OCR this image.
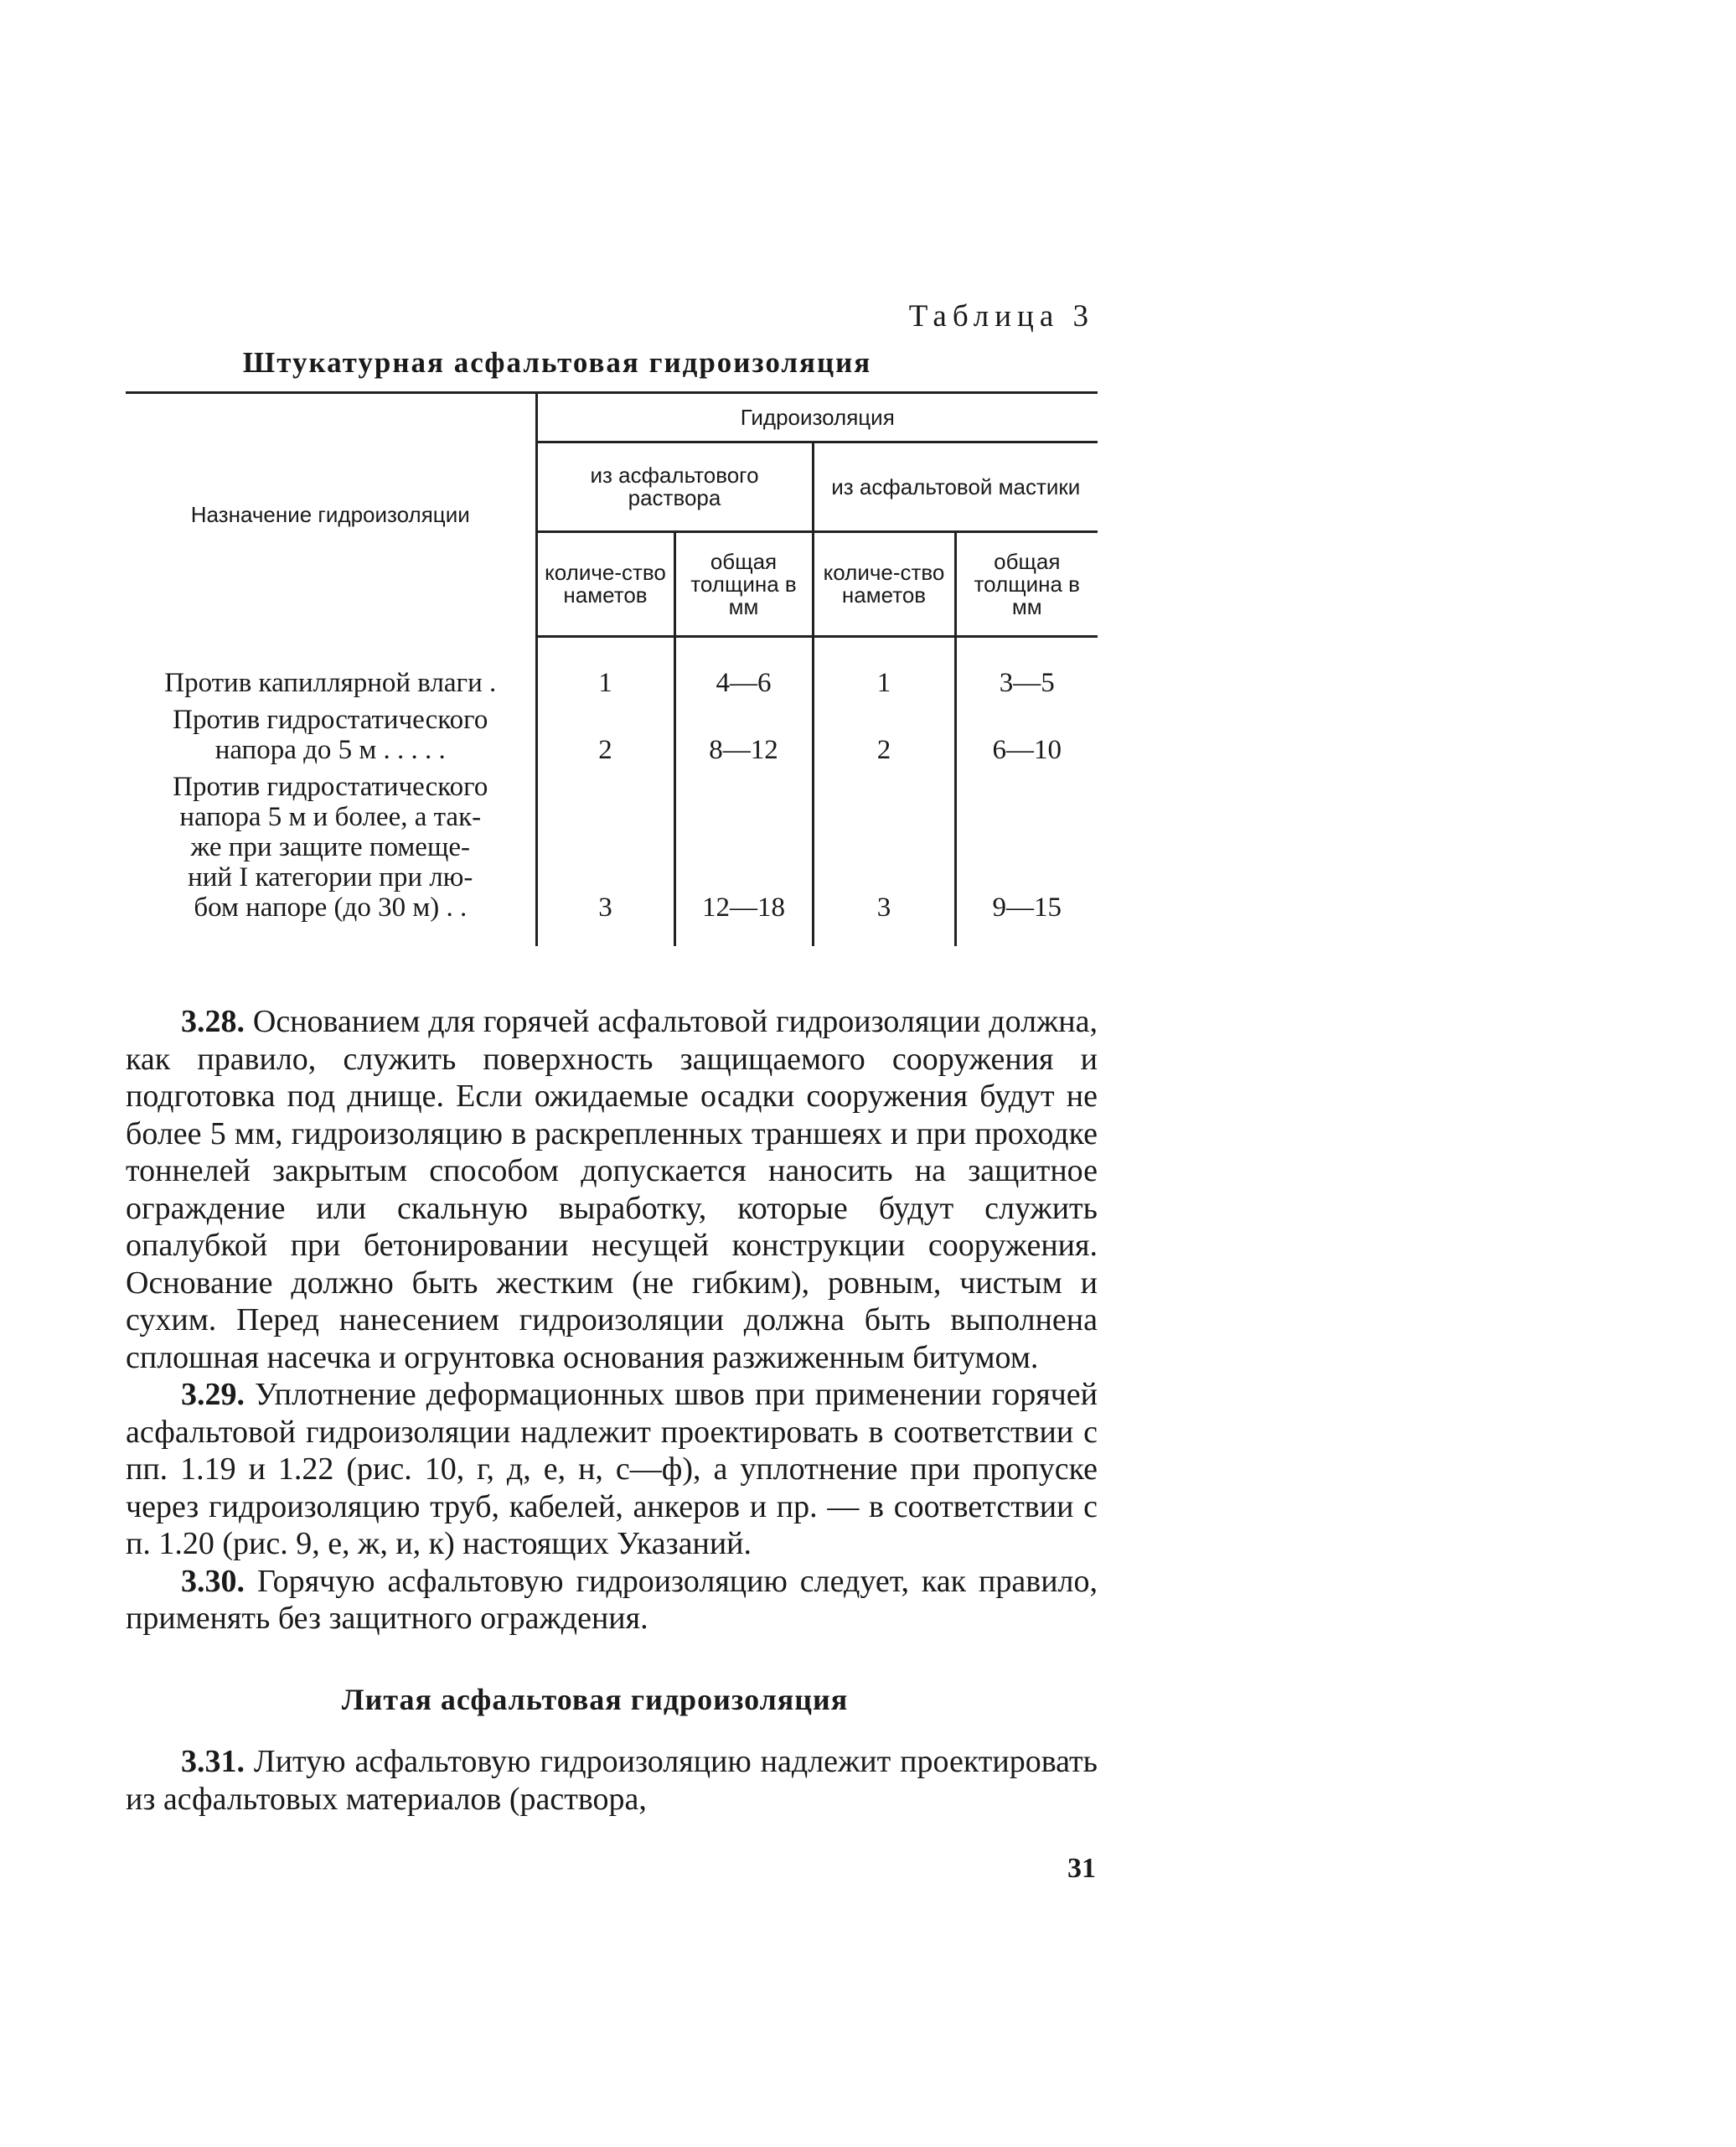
Таблица 3
Штукатурная асфальтовая гидроизоляция
Назначение гидроизоляции	Гидроизоляция			
	из асфальтового раствора		из асфальтовой мастики	
	количе-ство наметов	общая толщина в мм	количе-ство наметов	общая толщина в мм

Против капиллярной влаги .	1	4—6	1	3—5

Против гидростатического
напора до 5 м . . . . .	2	8—12	2	6—10

Против гидростатического
напора 5 м и более, а так-
же при защите помеще-
ний I категории при лю-
бом напоре (до 30 м) . .	3	12—18	3	9—15

3.28. Основанием для горячей асфальтовой гидроизоляции должна, как правило, служить поверхность защищаемого сооружения и подготовка под днище. Если ожидаемые осадки сооружения будут не более 5 мм, гидроизоляцию в раскрепленных траншеях и при проходке тоннелей закрытым способом допускается наносить на защитное ограждение или скальную выработку, которые будут служить опалубкой при бетонировании несущей конструкции сооружения. Основание должно быть жестким (не гибким), ровным, чистым и сухим. Перед нанесением гидроизоляции должна быть выполнена сплошная насечка и огрунтовка основания разжиженным битумом.

3.29. Уплотнение деформационных швов при применении горячей асфальтовой гидроизоляции надлежит проектировать в соответствии с пп. 1.19 и 1.22 (рис. 10, г, д, е, н, с—ф), а уплотнение при пропуске через гидроизоляцию труб, кабелей, анкеров и пр. — в соответствии с п. 1.20 (рис. 9, е, ж, и, к) настоящих Указаний.

3.30. Горячую асфальтовую гидроизоляцию следует, как правило, применять без защитного ограждения.

Литая асфальтовая гидроизоляция

3.31. Литую асфальтовую гидроизоляцию надлежит проектировать из асфальтовых материалов (раствора,

31
